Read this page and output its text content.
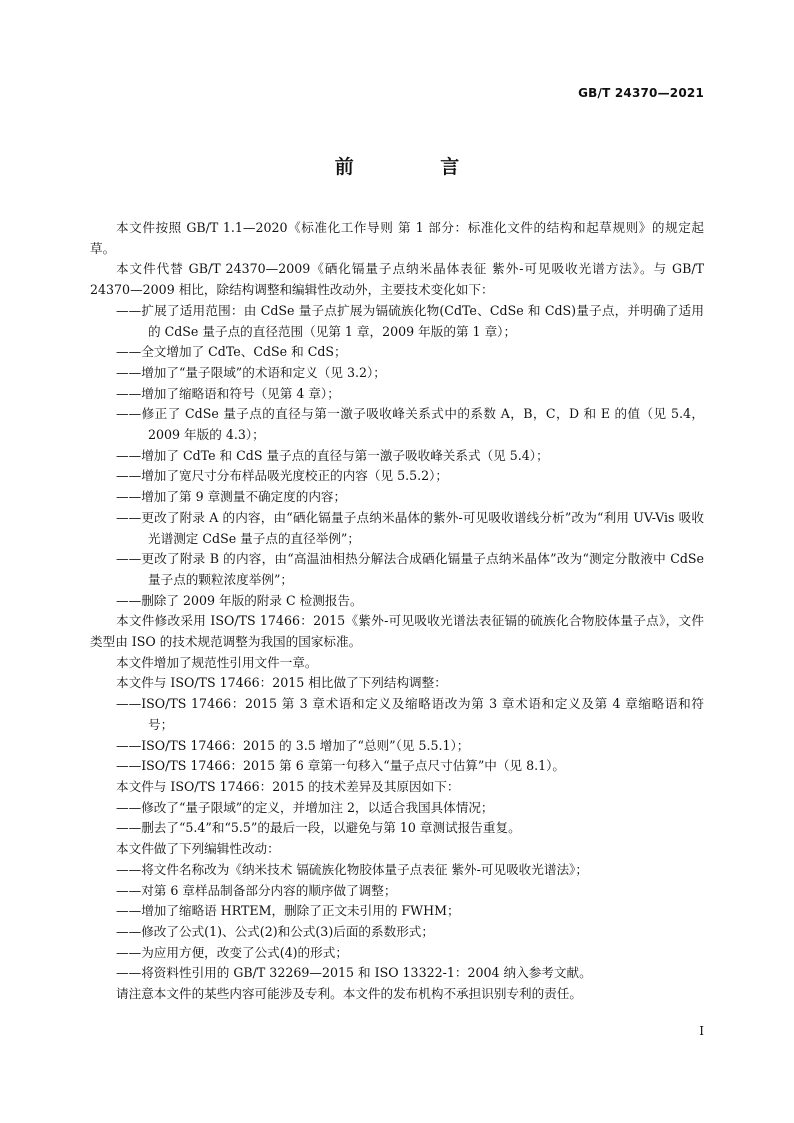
GB/T 24370—2021
前 言

本文件按照 GB/T 1.1—2020《标准化工作导则 第 1 部分：标准化文件的结构和起草规则》的规定起草。

本文件代替 GB/T 24370—2009《硒化镉量子点纳米晶体表征 紫外-可见吸收光谱方法》。与 GB/T 24370—2009 相比，除结构调整和编辑性改动外，主要技术变化如下：

——扩展了适用范围：由 CdSe 量子点扩展为镉硫族化物(CdTe、CdSe 和 CdS)量子点，并明确了适用的 CdSe 量子点的直径范围（见第 1 章，2009 年版的第 1 章）；

——全文增加了 CdTe、CdSe 和 CdS；

——增加了“量子限域”的术语和定义（见 3.2）；

——增加了缩略语和符号（见第 4 章）；

——修正了 CdSe 量子点的直径与第一激子吸收峰关系式中的系数 A，B，C，D 和 E 的值（见 5.4，2009 年版的 4.3）；

——增加了 CdTe 和 CdS 量子点的直径与第一激子吸收峰关系式（见 5.4）；

——增加了宽尺寸分布样品吸光度校正的内容（见 5.5.2）；

——增加了第 9 章测量不确定度的内容；

——更改了附录 A 的内容，由“硒化镉量子点纳米晶体的紫外-可见吸收谱线分析”改为“利用 UV-Vis 吸收光谱测定 CdSe 量子点的直径举例”；

——更改了附录 B 的内容，由“高温油相热分解法合成硒化镉量子点纳米晶体”改为“测定分散液中 CdSe 量子点的颗粒浓度举例”；

——删除了 2009 年版的附录 C 检测报告。

本文件修改采用 ISO/TS 17466：2015《紫外-可见吸收光谱法表征镉的硫族化合物胶体量子点》，文件类型由 ISO 的技术规范调整为我国的国家标准。

本文件增加了规范性引用文件一章。

本文件与 ISO/TS 17466：2015 相比做了下列结构调整：

——ISO/TS 17466：2015 第 3 章术语和定义及缩略语改为第 3 章术语和定义及第 4 章缩略语和符号；

——ISO/TS 17466：2015 的 3.5 增加了“总则”（见 5.5.1）；

——ISO/TS 17466：2015 第 6 章第一句移入“量子点尺寸估算”中（见 8.1）。

本文件与 ISO/TS 17466：2015 的技术差异及其原因如下：

——修改了“量子限域”的定义，并增加注 2，以适合我国具体情况；

——删去了“5.4”和“5.5”的最后一段，以避免与第 10 章测试报告重复。

本文件做了下列编辑性改动：

——将文件名称改为《纳米技术 镉硫族化物胶体量子点表征 紫外-可见吸收光谱法》；

——对第 6 章样品制备部分内容的顺序做了调整；

——增加了缩略语 HRTEM，删除了正文未引用的 FWHM；

——修改了公式(1)、公式(2)和公式(3)后面的系数形式；

——为应用方便，改变了公式(4)的形式；

——将资料性引用的 GB/T 32269—2015 和 ISO 13322-1：2004 纳入参考文献。

请注意本文件的某些内容可能涉及专利。本文件的发布机构不承担识别专利的责任。

I
